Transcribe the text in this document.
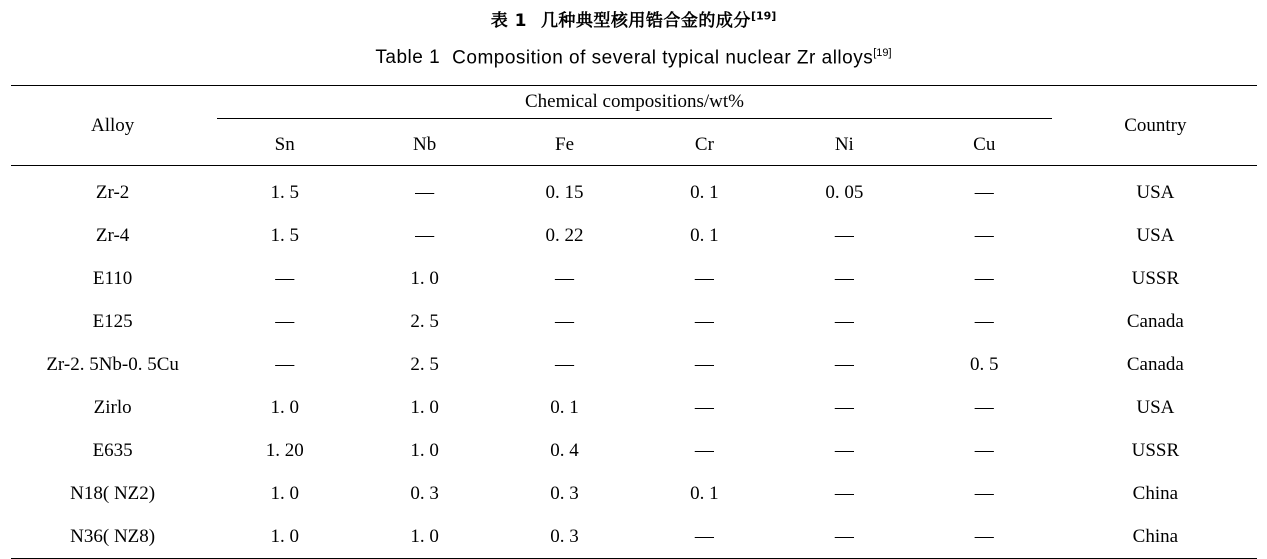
表 1 几种典型核用锆合金的成分[19]
Table 1 Composition of several typical nuclear Zr alloys[19]
Alloy	Chemical compositions/wt%						Country
	Sn	Nb	Fe	Cr	Ni	Cu	
Zr-2	1. 5	—	0. 15	0. 1	0. 05	—	USA
Zr-4	1. 5	—	0. 22	0. 1	—	—	USA
E110	—	1. 0	—	—	—	—	USSR
E125	—	2. 5	—	—	—	—	Canada
Zr-2. 5Nb-0. 5Cu	—	2. 5	—	—	—	0. 5	Canada
Zirlo	1. 0	1. 0	0. 1	—	—	—	USA
E635	1. 20	1. 0	0. 4	—	—	—	USSR
N18( NZ2)	1. 0	0. 3	0. 3	0. 1	—	—	China
N36( NZ8)	1. 0	1. 0	0. 3	—	—	—	China
